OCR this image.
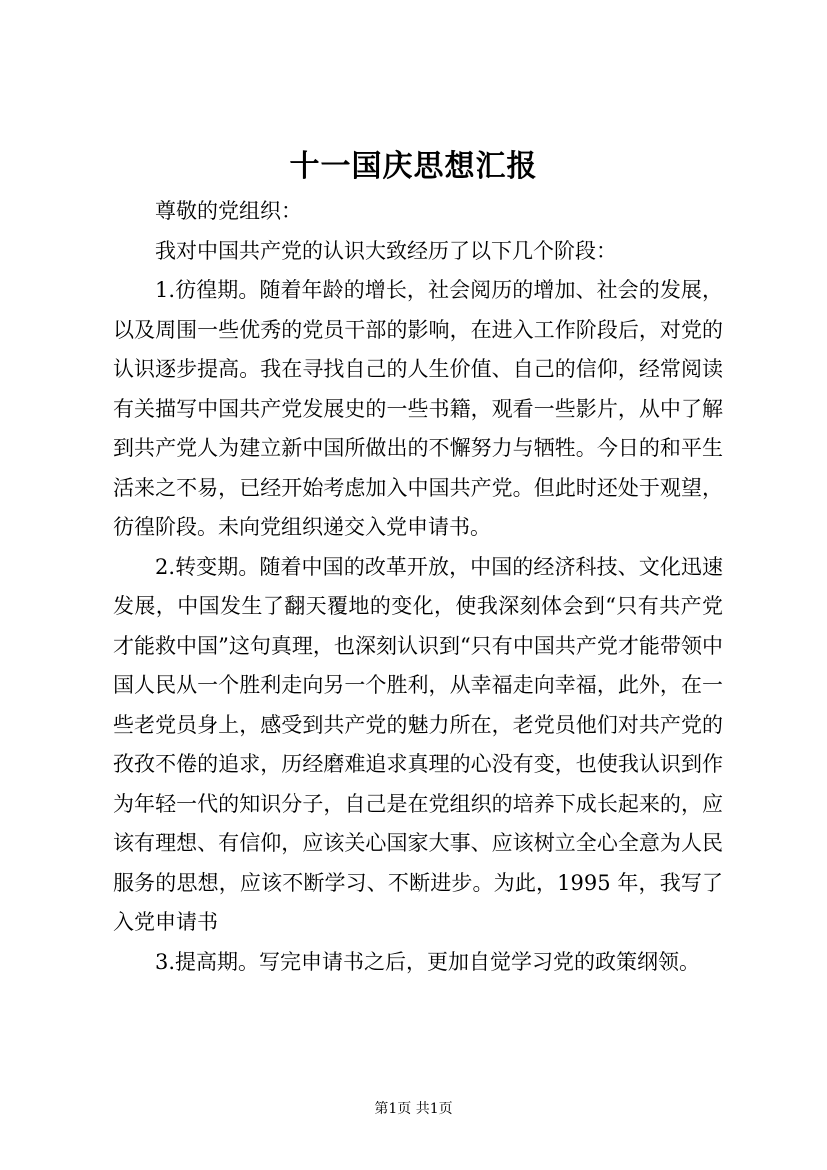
十一国庆思想汇报

尊敬的党组织：

我对中国共产党的认识大致经历了以下几个阶段：

1.彷徨期。随着年龄的增长，社会阅历的增加、社会的发展，以及周围一些优秀的党员干部的影响，在进入工作阶段后，对党的认识逐步提高。我在寻找自己的人生价值、自己的信仰，经常阅读有关描写中国共产党发展史的一些书籍，观看一些影片，从中了解到共产党人为建立新中国所做出的不懈努力与牺牲。今日的和平生活来之不易，已经开始考虑加入中国共产党。但此时还处于观望，彷徨阶段。未向党组织递交入党申请书。

2.转变期。随着中国的改革开放，中国的经济科技、文化迅速发展，中国发生了翻天覆地的变化，使我深刻体会到“只有共产党才能救中国”这句真理，也深刻认识到“只有中国共产党才能带领中国人民从一个胜利走向另一个胜利，从幸福走向幸福，此外，在一些老党员身上，感受到共产党的魅力所在，老党员他们对共产党的孜孜不倦的追求，历经磨难追求真理的心没有变，也使我认识到作为年轻一代的知识分子，自己是在党组织的培养下成长起来的，应该有理想、有信仰，应该关心国家大事、应该树立全心全意为人民服务的思想，应该不断学习、不断进步。为此，1995 年，我写了入党申请书

3.提高期。写完申请书之后，更加自觉学习党的政策纲领。

第1页 共1页
